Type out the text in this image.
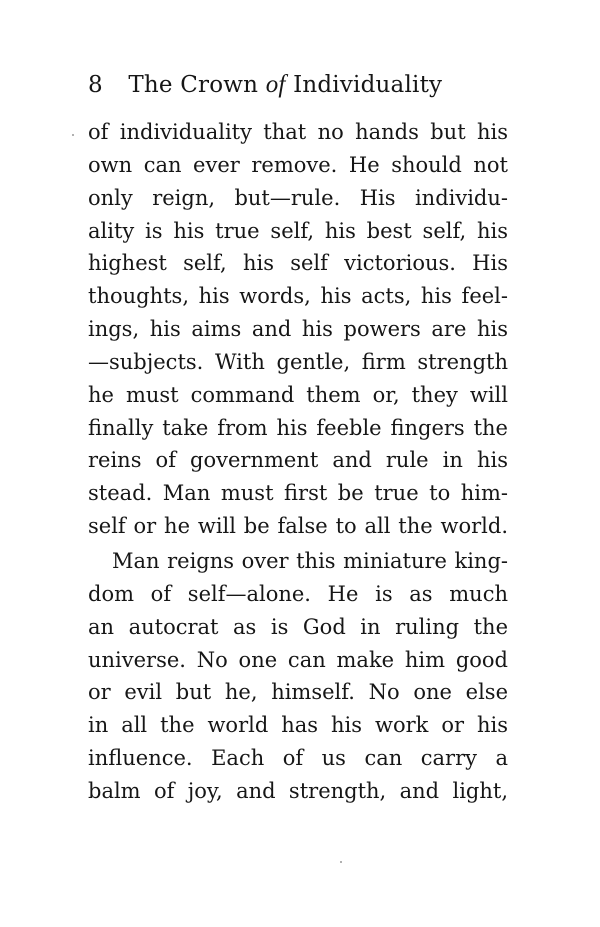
8 The Crown of Individuality
of individuality that no hands but his
own can ever remove. He should not
only reign, but—rule. His individu-
ality is his true self, his best self, his
highest self, his self victorious. His
thoughts, his words, his acts, his feel-
ings, his aims and his powers are his
—subjects. With gentle, firm strength
he must command them or, they will
finally take from his feeble fingers the
reins of government and rule in his
stead. Man must first be true to him-
self or he will be false to all the world.
Man reigns over this miniature king-
dom of self—alone. He is as much
an autocrat as is God in ruling the
universe. No one can make him good
or evil but he, himself. No one else
in all the world has his work or his
influence. Each of us can carry a
balm of joy, and strength, and light,
